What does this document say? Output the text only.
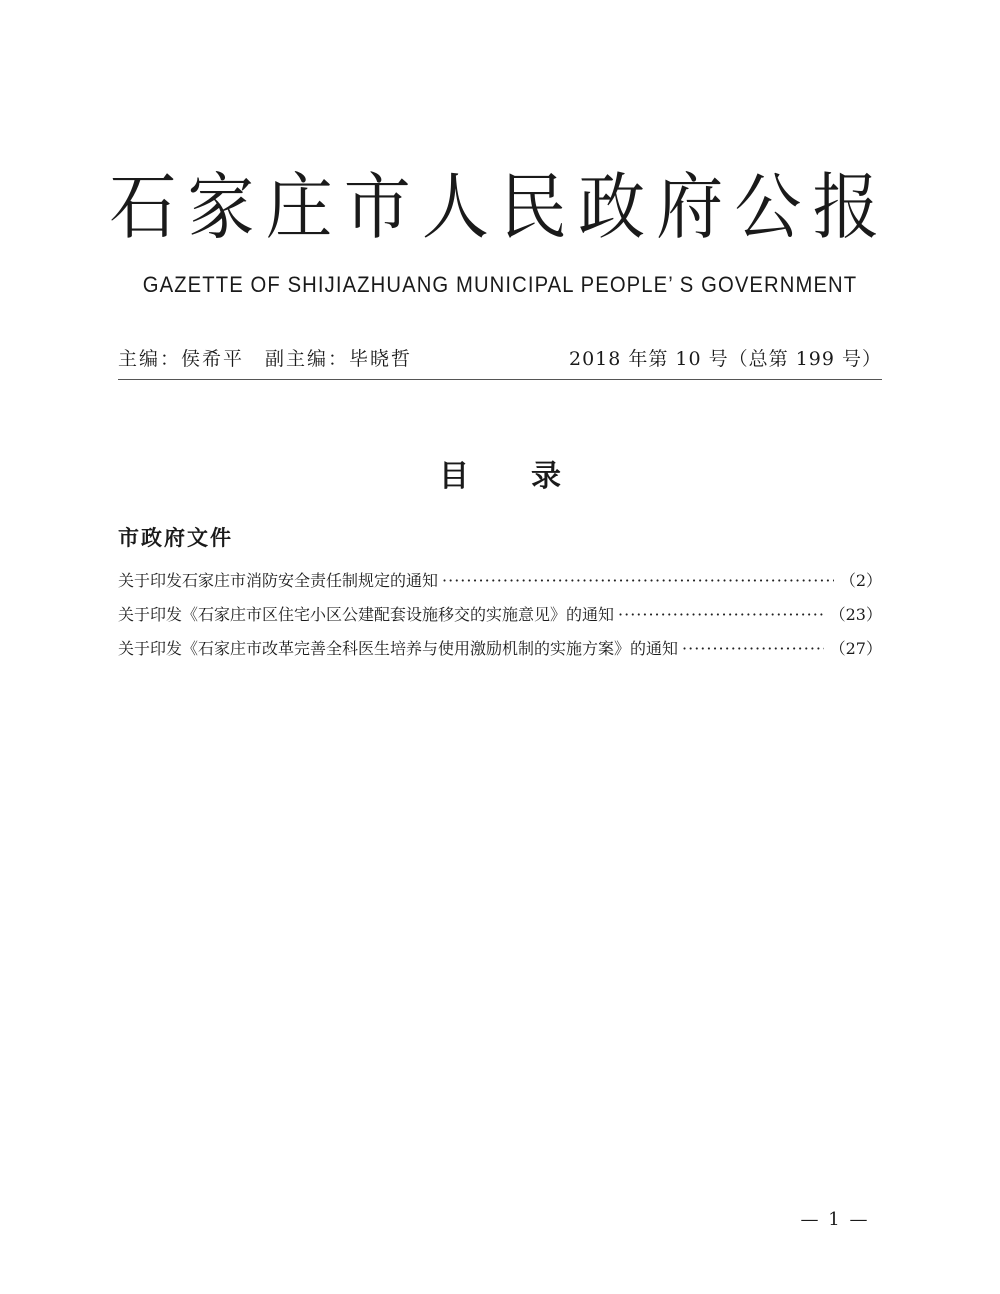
石家庄市人民政府公报
GAZETTE OF SHIJIAZHUANG MUNICIPAL PEOPLE’ S GOVERNMENT
主编：侯希平　副主编：毕晓哲	2018 年第 10 号（总第 199 号）
目录
市政府文件
关于印发石家庄市消防安全责任制规定的通知 ·····	（2）
关于印发《石家庄市区住宅小区公建配套设施移交的实施意见》的通知 ·····	（23）
关于印发《石家庄市改革完善全科医生培养与使用激励机制的实施方案》的通知 ·····	（27）
— 1 —
